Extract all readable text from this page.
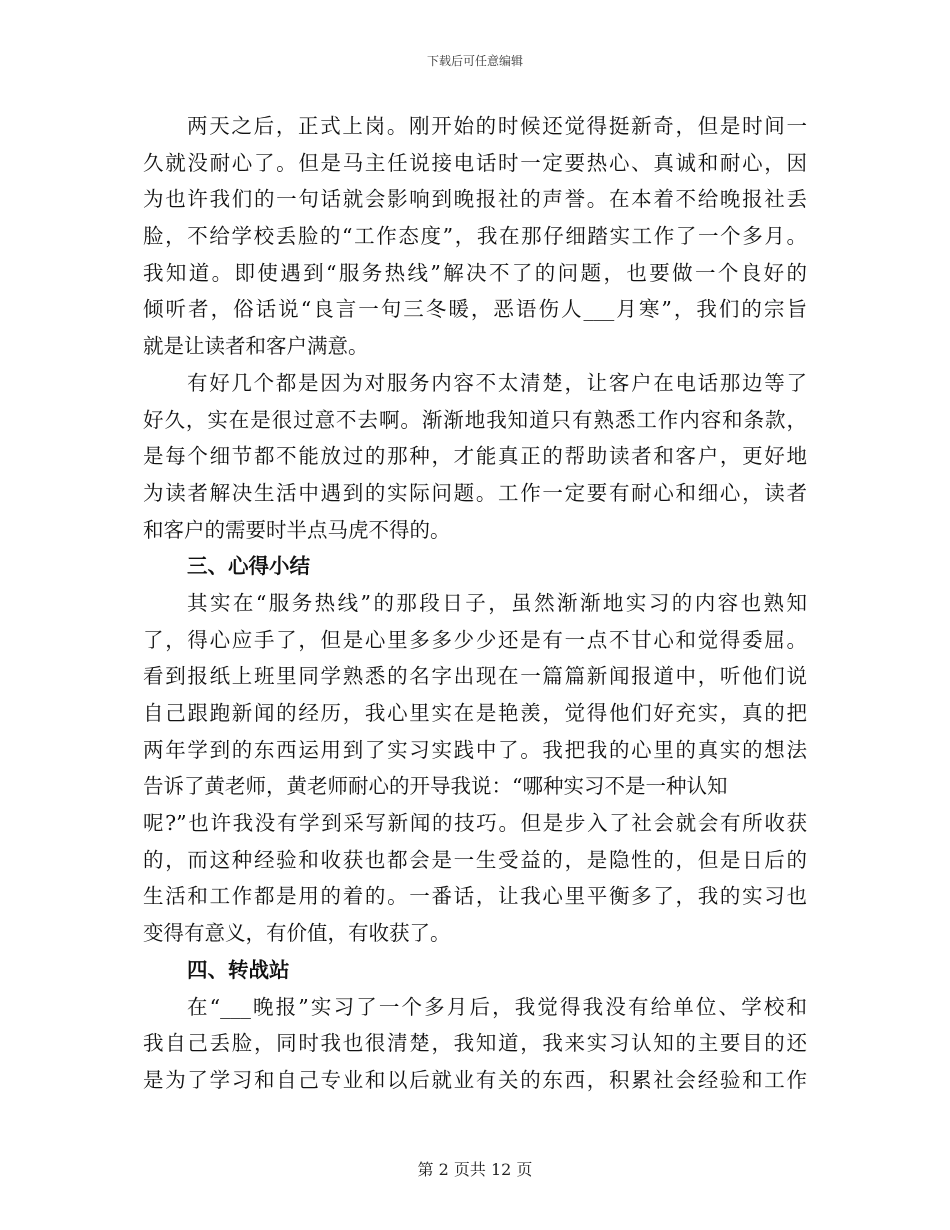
下载后可任意编辑
两天之后，正式上岗。刚开始的时候还觉得挺新奇，但是时间一
久就没耐心了。但是马主任说接电话时一定要热心、真诚和耐心，因
为也许我们的一句话就会影响到晚报社的声誉。在本着不给晚报社丢
脸，不给学校丢脸的“工作态度”，我在那仔细踏实工作了一个多月。
我知道。即使遇到“服务热线”解决不了的问题，也要做一个良好的
倾听者，俗话说“良言一句三冬暖，恶语伤人___月寒”，我们的宗旨
就是让读者和客户满意。
有好几个都是因为对服务内容不太清楚，让客户在电话那边等了
好久，实在是很过意不去啊。渐渐地我知道只有熟悉工作内容和条款，
是每个细节都不能放过的那种，才能真正的帮助读者和客户，更好地
为读者解决生活中遇到的实际问题。工作一定要有耐心和细心，读者
和客户的需要时半点马虎不得的。
三、心得小结
其实在“服务热线”的那段日子，虽然渐渐地实习的内容也熟知
了，得心应手了，但是心里多多少少还是有一点不甘心和觉得委屈。
看到报纸上班里同学熟悉的名字出现在一篇篇新闻报道中，听他们说
自己跟跑新闻的经历，我心里实在是艳羡，觉得他们好充实，真的把
两年学到的东西运用到了实习实践中了。我把我的心里的真实的想法
告诉了黄老师，黄老师耐心的开导我说：“哪种实习不是一种认知
呢?”也许我没有学到采写新闻的技巧。但是步入了社会就会有所收获
的，而这种经验和收获也都会是一生受益的，是隐性的，但是日后的
生活和工作都是用的着的。一番话，让我心里平衡多了，我的实习也
变得有意义，有价值，有收获了。
四、转战站
在“___晚报”实习了一个多月后，我觉得我没有给单位、学校和
我自己丢脸，同时我也很清楚，我知道，我来实习认知的主要目的还
是为了学习和自己专业和以后就业有关的东西，积累社会经验和工作
第 2 页共 12 页
